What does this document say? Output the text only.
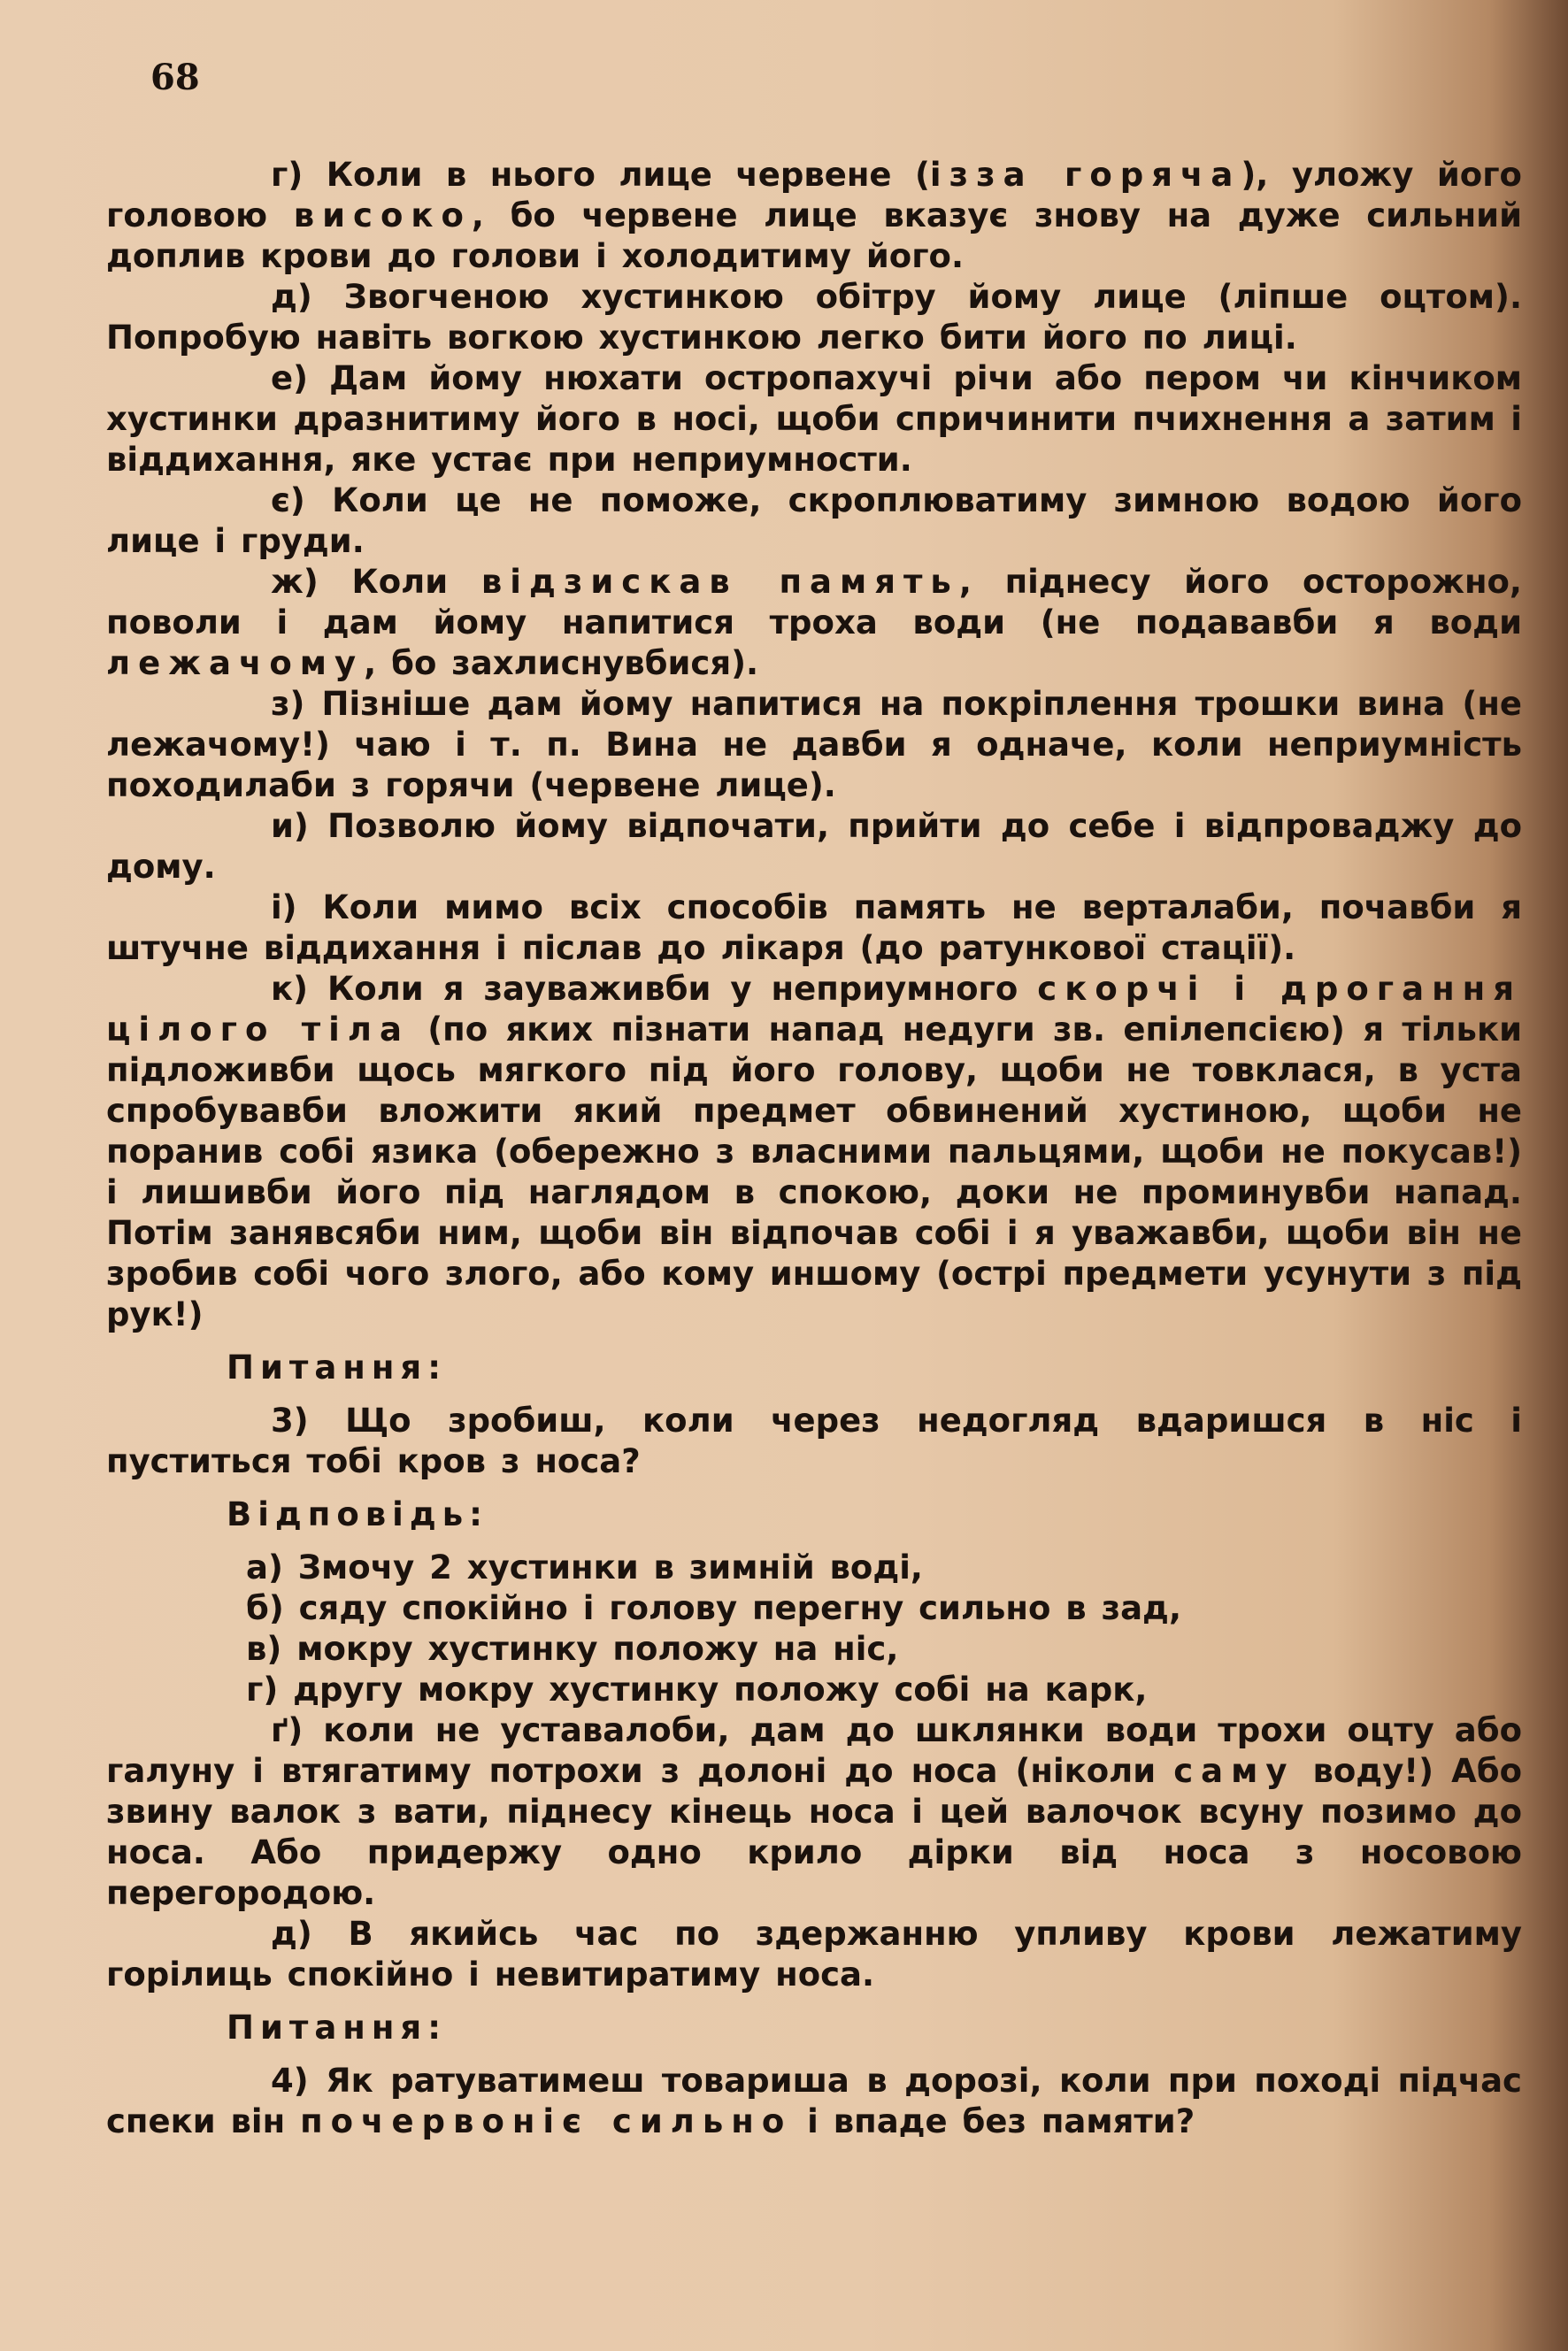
68

г) Коли в нього лице червене (ізза горяча), уложу його головою високо, бо червене лице вказує знову на дуже сильний доплив крови до голови і холодитиму його.

д) Звогченою хустинкою обітру йому лице (ліпше оцтом). Попробую навіть вогкою хустинкою легко бити його по лиці.

е) Дам йому нюхати остропахучі річи або пером чи кінчиком хустинки дразнитиму його в носі, щоби спричинити пчихнення а затим і віддихання, яке устає при неприумности.

є) Коли це не поможе, скроплюватиму зимною водою його лице і груди.

ж) Коли відзискав память, піднесу його осторожно, поволи і дам йому напитися троха води (не подававби я води лежачому, бо захлиснувбися).

з) Пізніше дам йому напитися на покріплення трошки вина (не лежачому!) чаю і т. п. Вина не давби я одначе, коли неприумність походилаби з горячи (червене лице).

и) Позволю йому відпочати, прийти до себе і відпроваджу до дому.

і) Коли мимо всіх способів память не верталаби, почавби я штучне віддихання і післав до лікаря (до ратункової стації).

к) Коли я зауваживби у неприумного скорчі і дрогання цілого тіла (по яких пізнати напад недуги зв. епілепсією) я тільки підложивби щось мягкого під його голову, щоби не товклася, в уста спробувавби вложити який предмет обвинений хустиною, щоби не поранив собі язика (обережно з власними пальцями, щоби не покусав!) і лишивби його під наглядом в спокою, доки не проминувби напад. Потім занявсяби ним, щоби він відпочав собі і я уважавби, щоби він не зробив собі чого злого, або кому иншому (острі предмети усунути з під рук!)

Питання:

3) Що зробиш, коли через недогляд вдаришся в ніс і пуститься тобі кров з носа?

Відповідь:

а) Змочу 2 хустинки в зимній воді,

б) сяду спокійно і голову перегну сильно в зад,

в) мокру хустинку положу на ніс,

г) другу мокру хустинку положу собі на карк,

ґ) коли не уставалоби, дам до шклянки води трохи оцту або галуну і втягатиму потрохи з долоні до носа (ніколи саму воду!) Або звину валок з вати, піднесу кінець носа і цей валочок всуну позимо до носа. Або придержу одно крило дірки від носа з носовою перегородою.

д) В якийсь час по здержанню упливу крови лежатиму горілиць спокійно і невитиратиму носа.

Питання:

4) Як ратуватимеш товариша в дорозі, коли при поході підчас спеки він почервоніє сильно і впаде без памяти?
